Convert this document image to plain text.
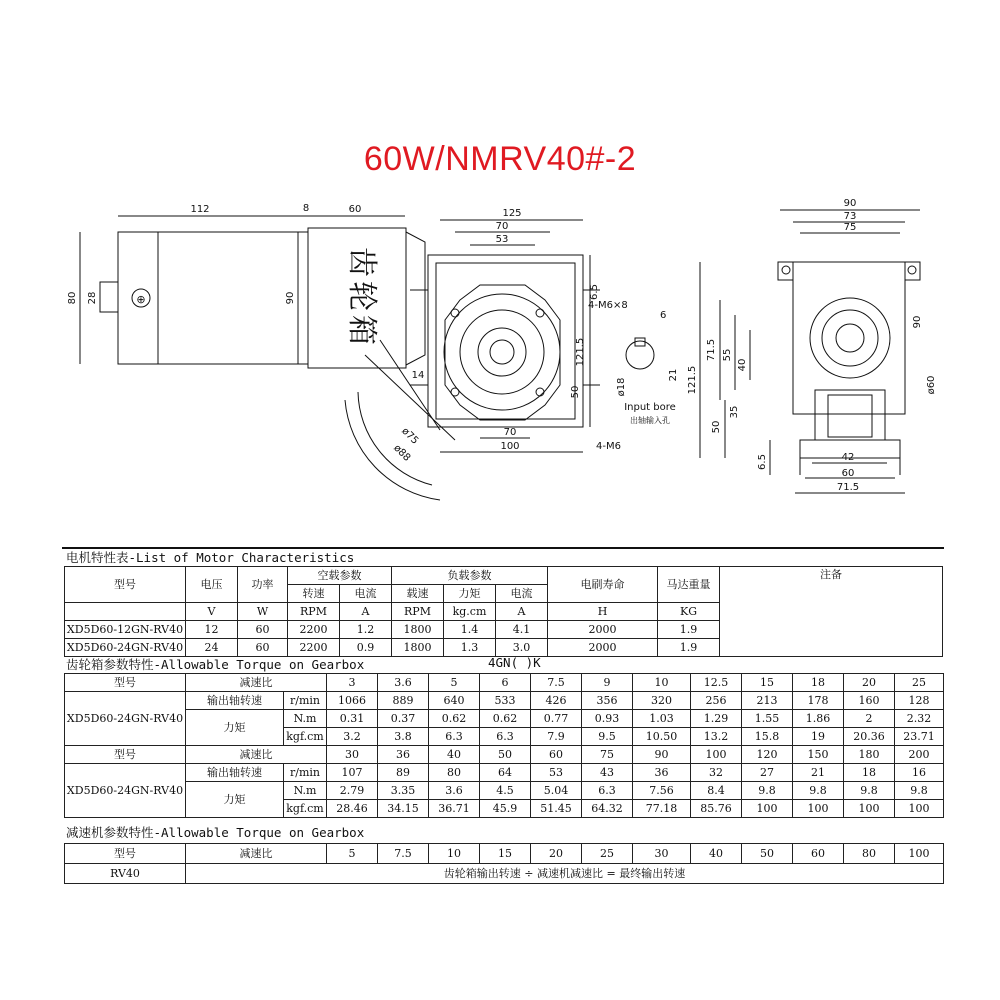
60W/NMRV40#-2
⊕
112	8	60	125
70
53
80 28	90	6.5
4-M6×8
121.5
50
14
ø75
ø88
70
100	4-M6
6
ø18
21
Input bore
出轴输入孔
90
73
75
71.5
121.5
55
40
35
50
6.5
90
ø60
42
60
71.5
齿轮箱
电机特性表-List of Motor Characteristics
型号	电压	功率	空载参数		负载参数			电刷寿命	马达重量	注备
			转速	电流	载速	力矩	电流			
	V	W	RPM	A	RPM	kg.cm	A	H	KG	
XD5D60-12GN-RV40	12	60	2200	1.2	1800	1.4	4.1	2000	1.9	
XD5D60-24GN-RV40	24	60	2200	0.9	1800	1.3	3.0	2000	1.9	
齿轮箱参数特性-Allowable Torque on Gearbox	4GN( )K
型号	减速比		3	3.6	5	6	7.5	9	10	12.5	15	18	20	25
XD5D60-24GN-RV40	输出轴转速	r/min	1066	889	640	533	426	356	320	256	213	178	160	128
	力矩	N.m	0.31	0.37	0.62	0.62	0.77	0.93	1.03	1.29	1.55	1.86	2	2.32
		kgf.cm	3.2	3.8	6.3	6.3	7.9	9.5	10.50	13.2	15.8	19	20.36	23.71
型号	减速比		30	36	40	50	60	75	90	100	120	150	180	200
XD5D60-24GN-RV40	输出轴转速	r/min	107	89	80	64	53	43	36	32	27	21	18	16
	力矩	N.m	2.79	3.35	3.6	4.5	5.04	6.3	7.56	8.4	9.8	9.8	9.8	9.8
		kgf.cm	28.46	34.15	36.71	45.9	51.45	64.32	77.18	85.76	100	100	100	100
减速机参数特性-Allowable Torque on Gearbox
型号	减速比	5	7.5	10	15	20	25	30	40	50	60	80	100
RV40	齿轮箱输出转速 ÷ 减速机减速比 = 最终输出转速												
